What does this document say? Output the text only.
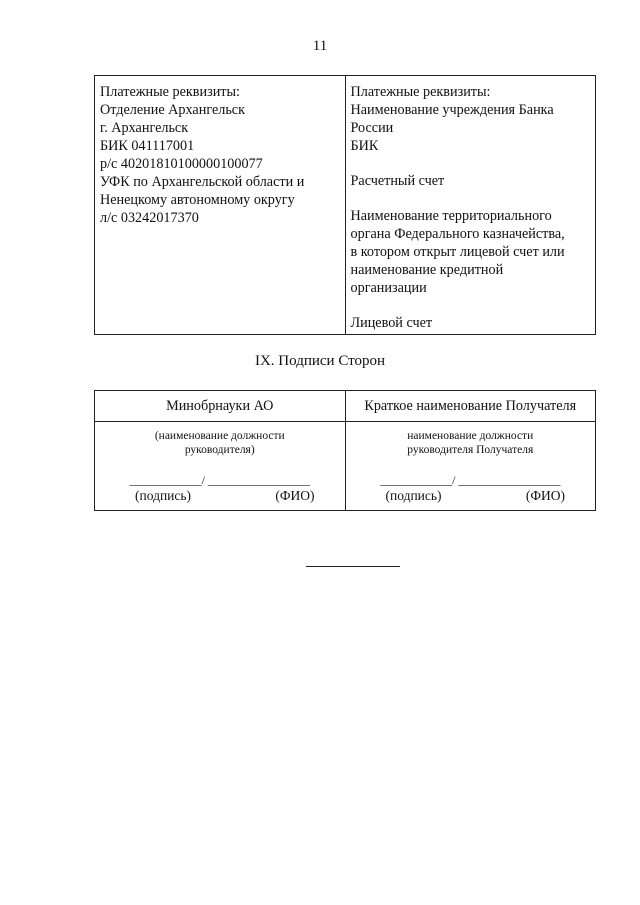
11
Платежные реквизиты:
Отделение Архангельск
г. Архангельск
БИК 041117001
р/с 40201810100000100077
УФК по Архангельской области и
Ненецкому автономному округу
л/с 03242017370
Платежные реквизиты:
Наименование учреждения Банка
России
БИК
Расчетный счет
Наименование территориального
органа Федерального казначейства,
в котором открыт лицевой счет или
наименование кредитной
организации
Лицевой счет
IX. Подписи Сторон
Минобрнауки АО
(наименование должности
руководителя)
____________/ _________________
(подпись)	(ФИО)
Краткое наименование Получателя
наименование должности
руководителя Получателя
____________/ _________________
(подпись)	(ФИО)
